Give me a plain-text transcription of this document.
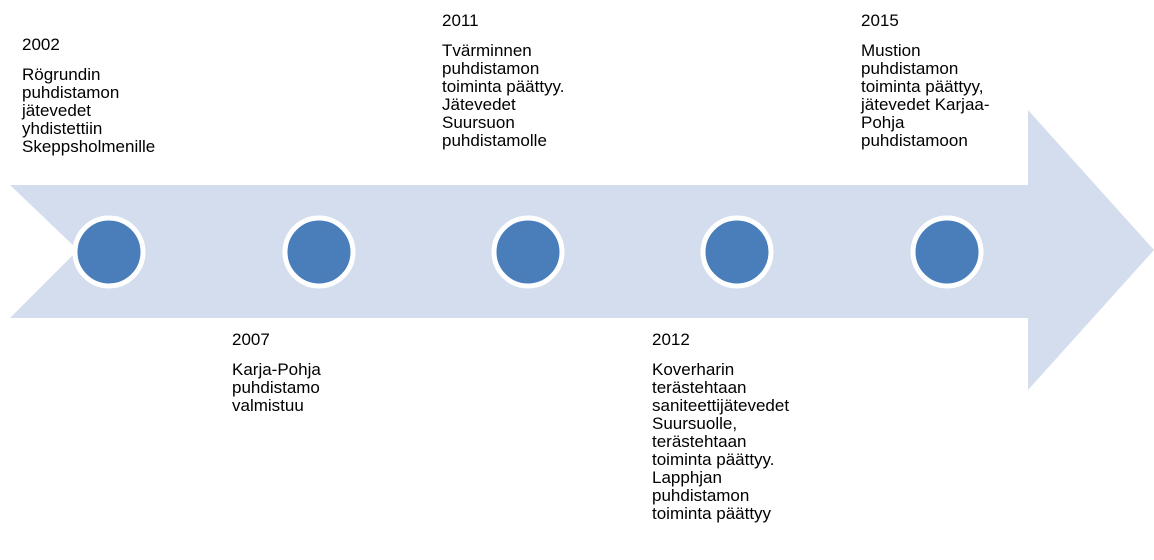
2002
Rögrundin
puhdistamon
jätevedet
yhdistettiin
Skeppsholmenille
2007
Karja-Pohja
puhdistamo
valmistuu
2011
Tvärminnen
puhdistamon
toiminta päättyy.
Jätevedet
Suursuon
puhdistamolle
2012
Koverharin
terästehtaan
saniteettijätevedet
Suursuolle,
terästehtaan
toiminta päättyy.
Lapphjan
puhdistamon
toiminta päättyy
2015
Mustion
puhdistamon
toiminta päättyy,
jätevedet Karjaa-
Pohja
puhdistamoon
